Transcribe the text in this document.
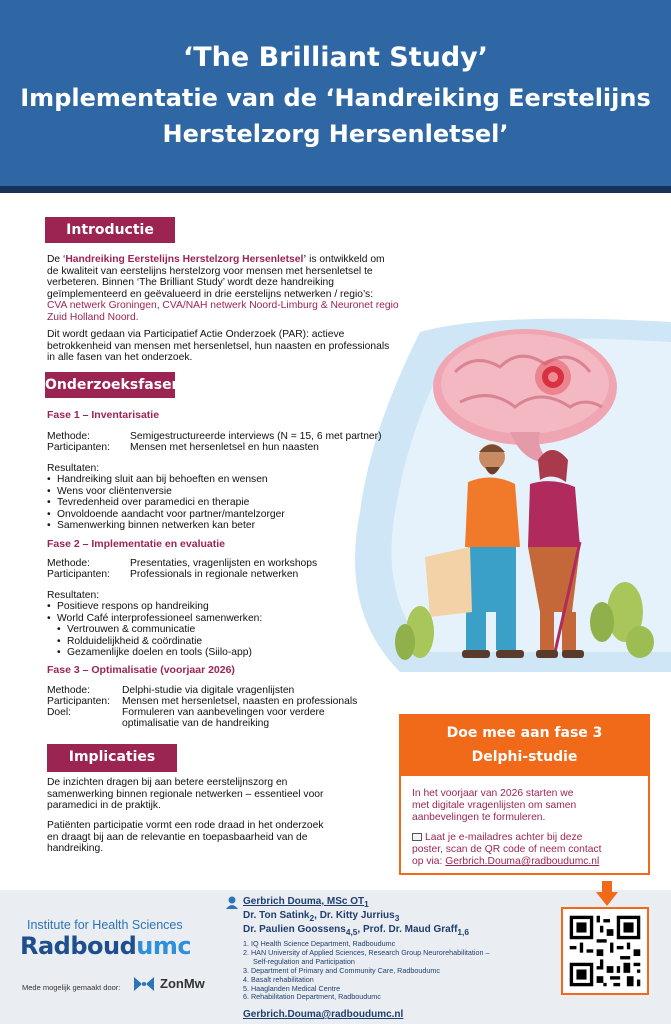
‘The Brilliant Study’
Implementatie van de ‘Handreiking Eerstelijns
Herstelzorg Hersenletsel’
Introductie
De ‘Handreiking Eerstelijns Herstelzorg Hersenletsel’ is ontwikkeld om
de kwaliteit van eerstelijns herstelzorg voor mensen met hersenletsel te
verbeteren. Binnen ‘The Brilliant Study’ wordt deze handreiking
geïmplementeerd en geëvalueerd in drie eerstelijns netwerken / regio’s:
CVA netwerk Groningen, CVA/NAH netwerk Noord-Limburg & Neuronet regio
Zuid Holland Noord.
Dit wordt gedaan via Participatief Actie Onderzoek (PAR): actieve
betrokkenheid van mensen met hersenletsel, hun naasten en professionals
in alle fasen van het onderzoek.
Onderzoeksfasen
Fase 1 – Inventarisatie
Methode:	Semigestructureerde interviews (N = 15, 6 met partner)
Participanten: Mensen met hersenletsel en hun naasten
Resultaten:
• Handreiking sluit aan bij behoeften en wensen
• Wens voor cliëntenversie
• Tevredenheid over paramedici en therapie
• Onvoldoende aandacht voor partner/mantelzorger
• Samenwerking binnen netwerken kan beter
Fase 2 – Implementatie en evaluatie
Methode:	Presentaties, vragenlijsten en workshops
Participanten: Professionals in regionale netwerken
Resultaten:
• Positieve respons op handreiking
• World Café interprofessioneel samenwerken:
• Vertrouwen & communicatie
• Rolduidelijkheid & coördinatie
• Gezamenlijke doelen en tools (Siilo-app)
Fase 3 – Optimalisatie (voorjaar 2026)
Methode:	Delphi-studie via digitale vragenlijsten
Participanten: Mensen met hersenletsel, naasten en professionals
Doel:	Formuleren van aanbevelingen voor verdere
optimalisatie van de handreiking
Implicaties
De inzichten dragen bij aan betere eerstelijnszorg en
samenwerking binnen regionale netwerken – essentieel voor
paramedici in de praktijk.
Patiënten participatie vormt een rode draad in het onderzoek
en draagt bij aan de relevantie en toepasbaarheid van de
handreiking.
Doe mee aan fase 3
Delphi-studie
In het voorjaar van 2026 starten we
met digitale vragenlijsten om samen
aanbevelingen te formuleren.
Laat je e-mailadres achter bij deze
poster, scan de QR code of neem contact
op via: Gerbrich.Douma@radboudumc.nl
Institute for Health Sciences
Radboudumc
Mede mogelijk gemaakt door:	ZonMw
Gerbrich Douma, MSc $OT_1$
Dr. Ton Satink$_2$, Dr. Kitty Jurrius$_3$
Dr. Paulien Goossens$_{4,5}$, Prof. Dr. Maud Graff$_{1,6}$
1. IQ Health Science Department, Radboudumc
2. HAN University of Applied Sciences, Research Group Neurorehabilitation –
Self-regulation and Participation
3. Department of Primary and Community Care, Radboudumc
4. Basalt rehabilitation
5. Haaglanden Medical Centre
6. Rehabilitation Department, Radboudumc
Gerbrich.Douma@radboudumc.nl
